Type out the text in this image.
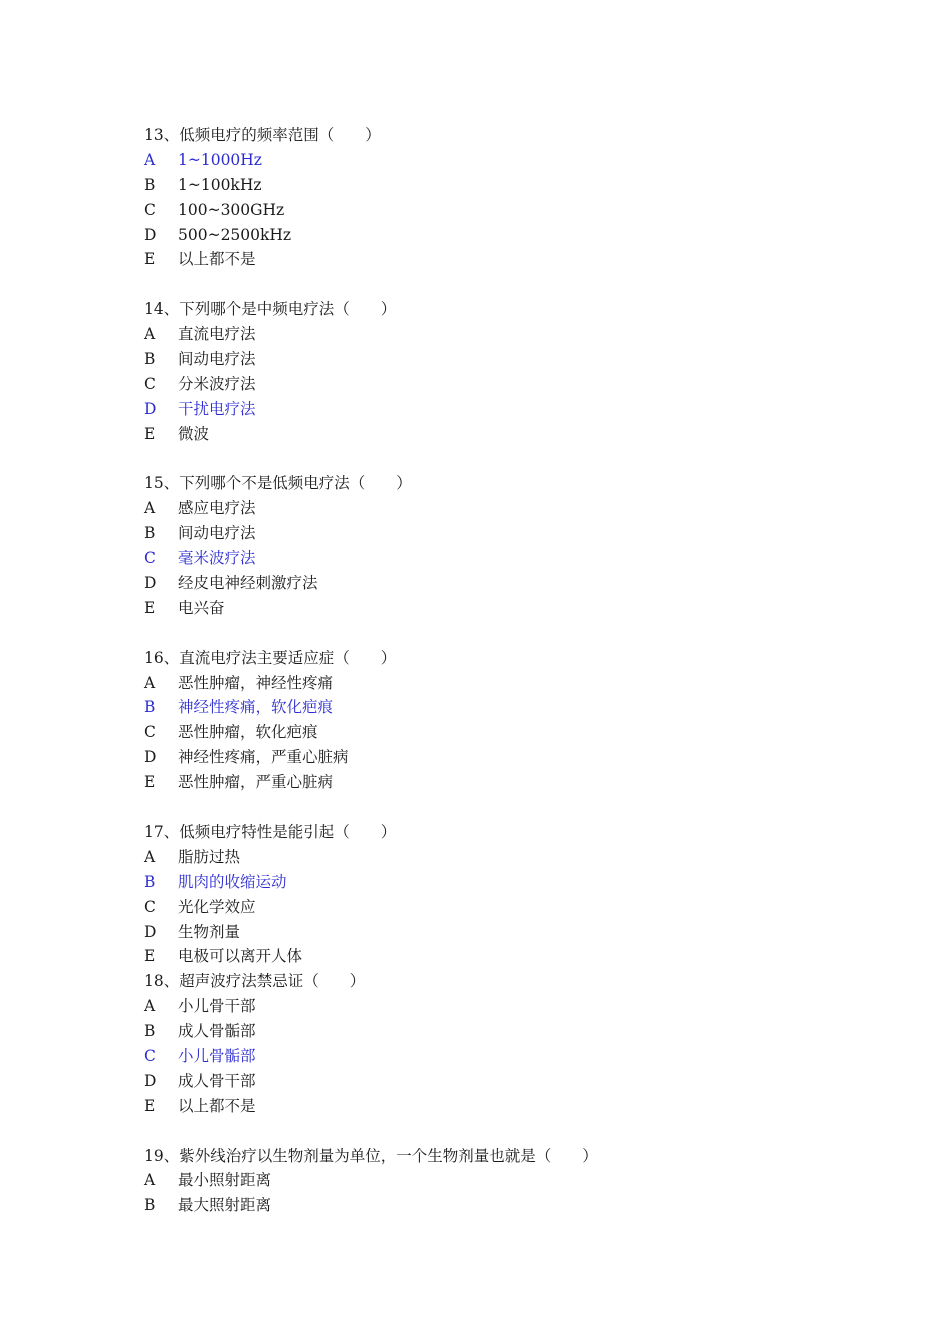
13、低频电疗的频率范围（　　）
A 1~1000Hz
B 1~100kHz
C 100~300GHz
D 500~2500kHz
E 以上都不是
14、下列哪个是中频电疗法（　　）
A 直流电疗法
B 间动电疗法
C 分米波疗法
D 干扰电疗法
E 微波
15、下列哪个不是低频电疗法（　　）
A 感应电疗法
B 间动电疗法
C 毫米波疗法
D 经皮电神经刺激疗法
E 电兴奋
16、直流电疗法主要适应症（　　）
A 恶性肿瘤，神经性疼痛
B 神经性疼痛，软化疤痕
C 恶性肿瘤，软化疤痕
D 神经性疼痛，严重心脏病
E 恶性肿瘤，严重心脏病
17、低频电疗特性是能引起（　　）
A 脂肪过热
B 肌肉的收缩运动
C 光化学效应
D 生物剂量
E 电极可以离开人体
18、超声波疗法禁忌证（　　）
A 小儿骨干部
B 成人骨骺部
C 小儿骨骺部
D 成人骨干部
E 以上都不是
19、紫外线治疗以生物剂量为单位，一个生物剂量也就是（　　）
A 最小照射距离
B 最大照射距离
